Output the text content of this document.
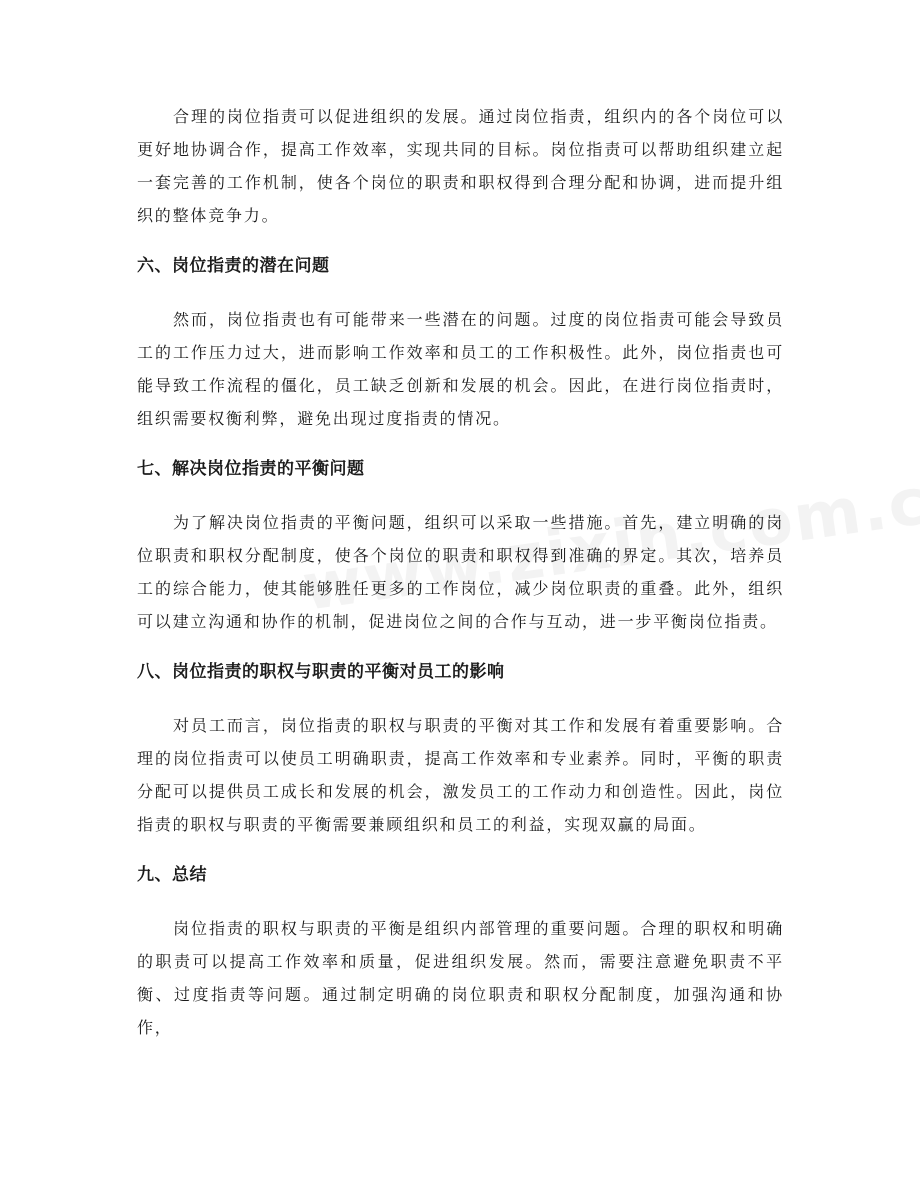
合理的岗位指责可以促进组织的发展。通过岗位指责，组织内的各个岗位可以更好地协调合作，提高工作效率，实现共同的目标。岗位指责可以帮助组织建立起一套完善的工作机制，使各个岗位的职责和职权得到合理分配和协调，进而提升组织的整体竞争力。

六、岗位指责的潜在问题

然而，岗位指责也有可能带来一些潜在的问题。过度的岗位指责可能会导致员工的工作压力过大，进而影响工作效率和员工的工作积极性。此外，岗位指责也可能导致工作流程的僵化，员工缺乏创新和发展的机会。因此，在进行岗位指责时，组织需要权衡利弊，避免出现过度指责的情况。

七、解决岗位指责的平衡问题

为了解决岗位指责的平衡问题，组织可以采取一些措施。首先，建立明确的岗位职责和职权分配制度，使各个岗位的职责和职权得到准确的界定。其次，培养员工的综合能力，使其能够胜任更多的工作岗位，减少岗位职责的重叠。此外，组织可以建立沟通和协作的机制，促进岗位之间的合作与互动，进一步平衡岗位指责。

八、岗位指责的职权与职责的平衡对员工的影响

对员工而言，岗位指责的职权与职责的平衡对其工作和发展有着重要影响。合理的岗位指责可以使员工明确职责，提高工作效率和专业素养。同时，平衡的职责分配可以提供员工成长和发展的机会，激发员工的工作动力和创造性。因此，岗位指责的职权与职责的平衡需要兼顾组织和员工的利益，实现双赢的局面。

九、总结

岗位指责的职权与职责的平衡是组织内部管理的重要问题。合理的职权和明确的职责可以提高工作效率和质量，促进组织发展。然而，需要注意避免职责不平衡、过度指责等问题。通过制定明确的岗位职责和职权分配制度，加强沟通和协作，
